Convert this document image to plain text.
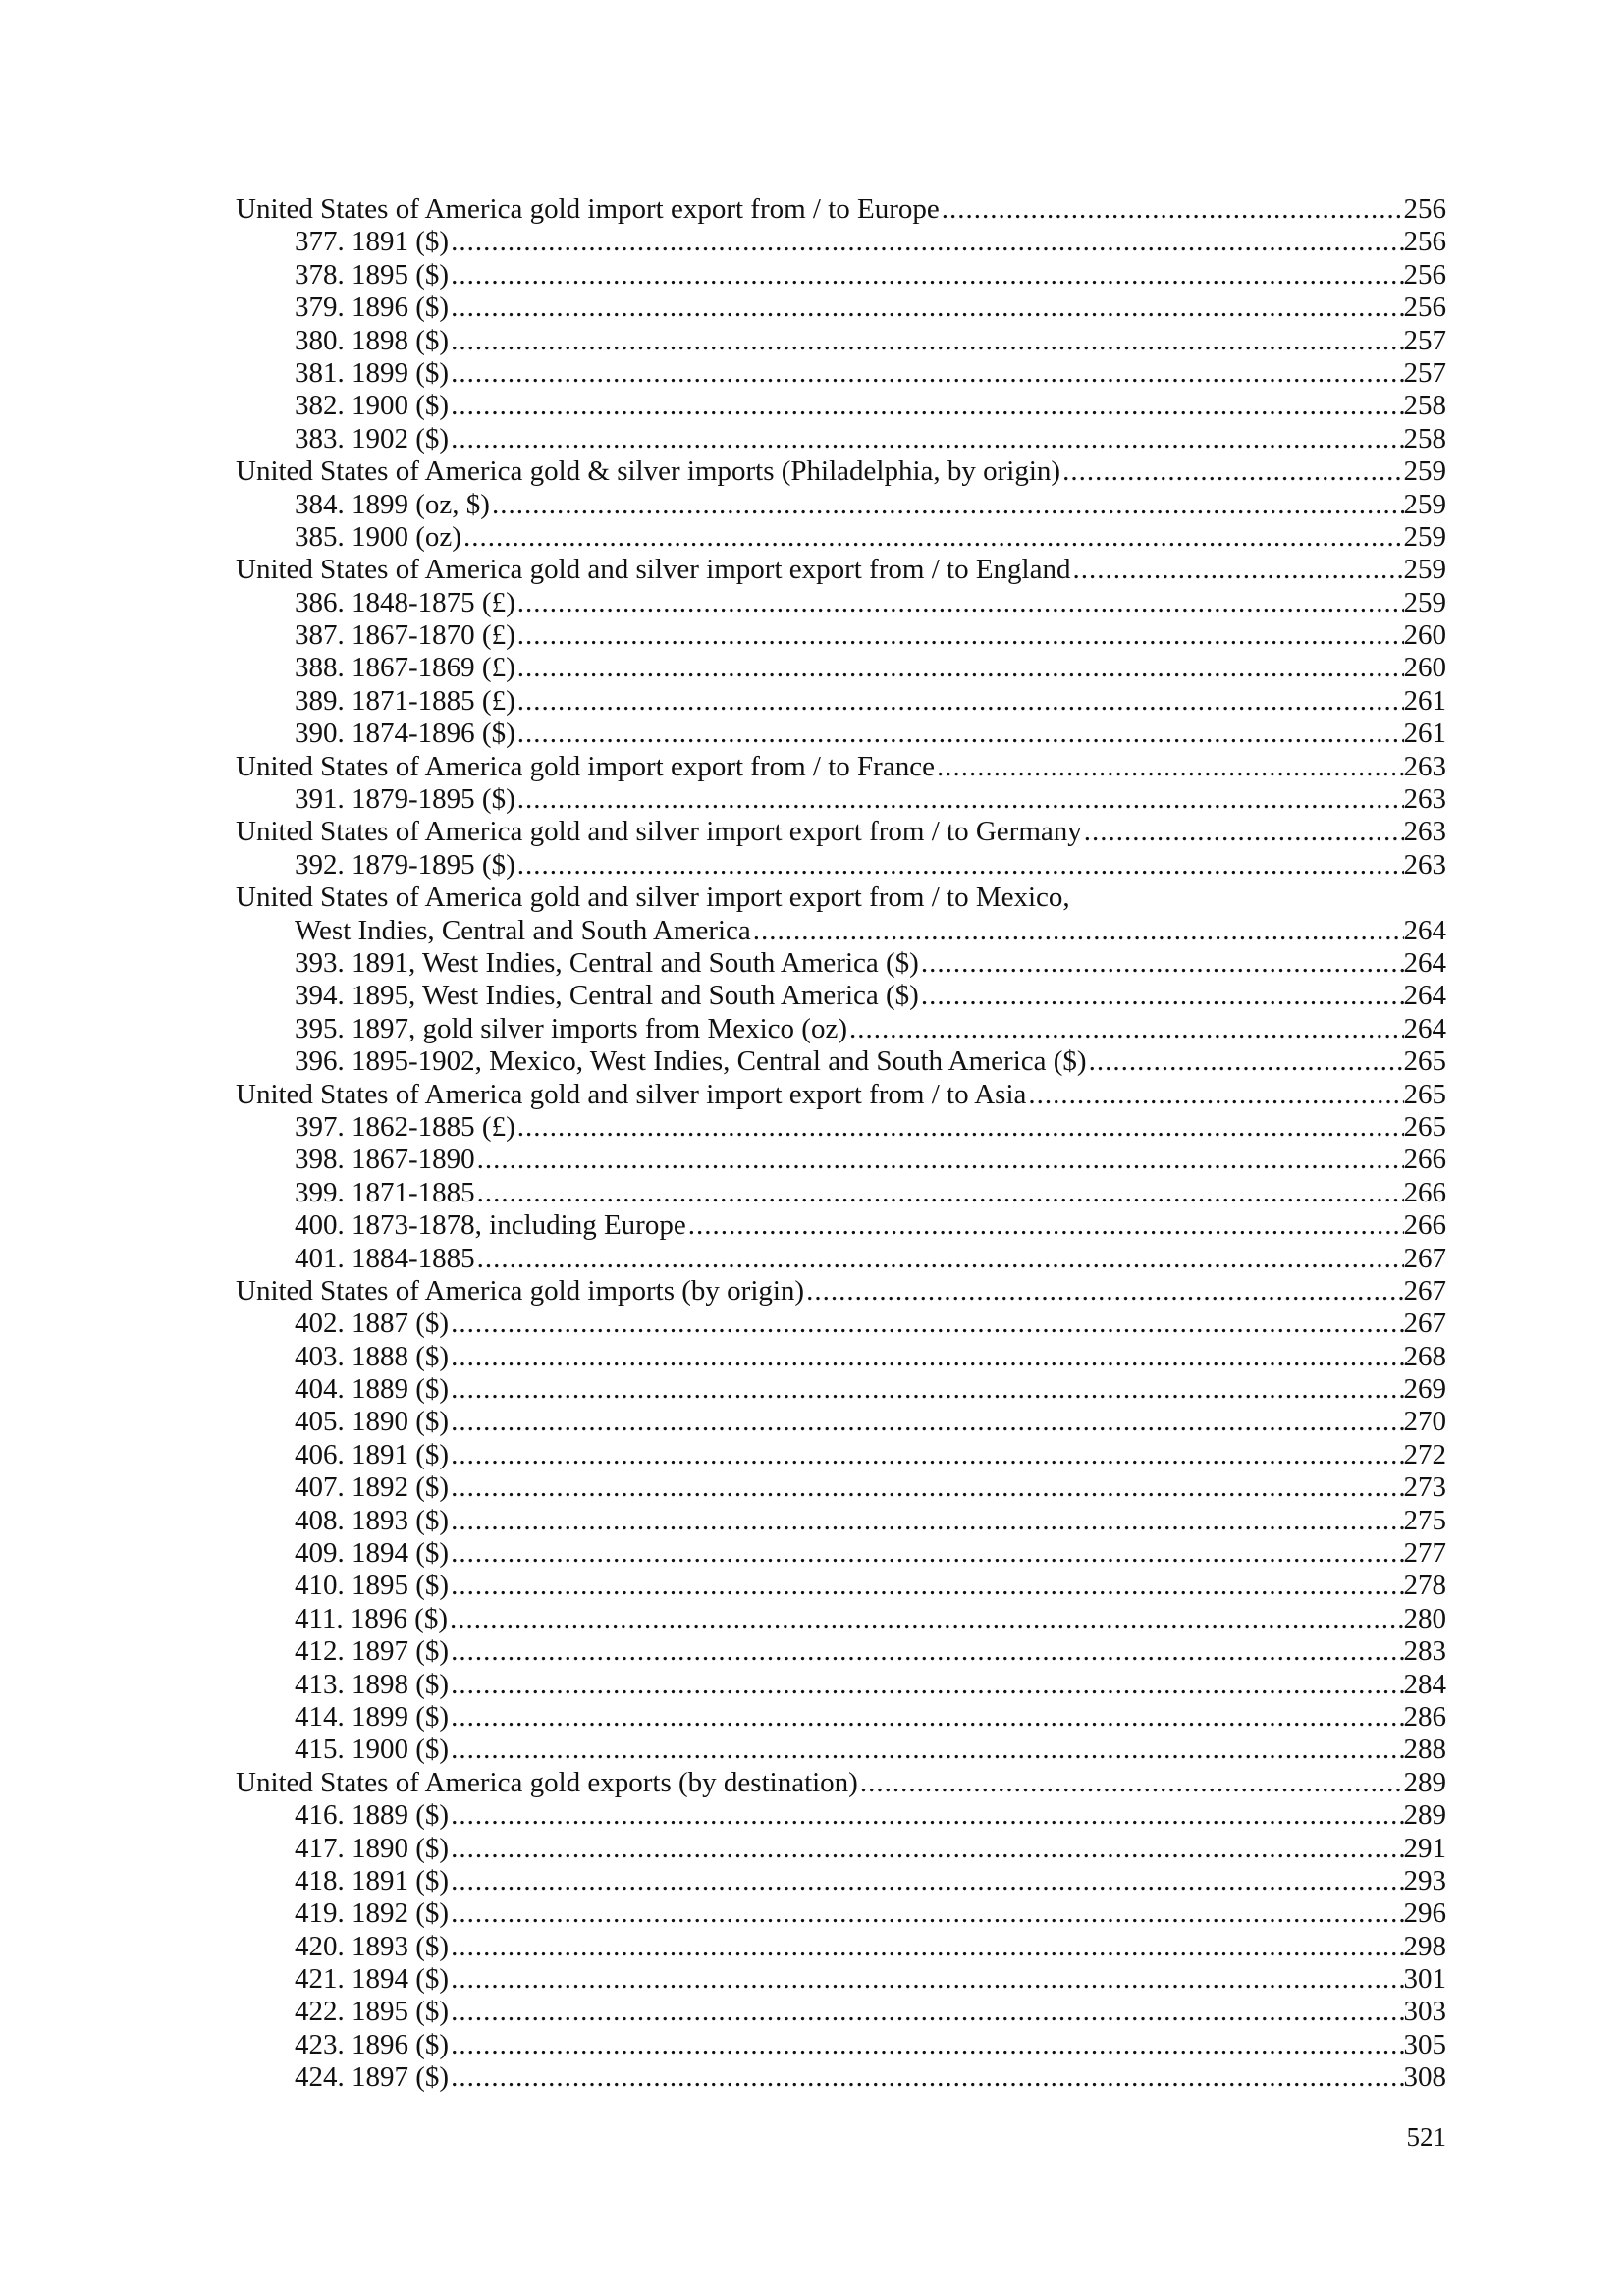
United States of America gold import export from / to Europe .....	256
377. 1891 ($) .....	256
378. 1895 ($) .....	256
379. 1896 ($) .....	256
380. 1898 ($) .....	257
381. 1899 ($) .....	257
382. 1900 ($) .....	258
383. 1902 ($) .....	258
United States of America gold & silver imports (Philadelphia, by origin) .....	259
384. 1899 (oz, $) .....	259
385. 1900 (oz) .....	259
United States of America gold and silver import export from / to England .....	259
386. 1848-1875 (£) .....	259
387. 1867-1870 (£) .....	260
388. 1867-1869 (£) .....	260
389. 1871-1885 (£) .....	261
390. 1874-1896 ($) .....	261
United States of America gold import export from / to France .....	263
391. 1879-1895 ($) .....	263
United States of America gold and silver import export from / to Germany .....	263
392. 1879-1895 ($) .....	263
United States of America gold and silver import export from / to Mexico,
West Indies, Central and South America .....	264
393. 1891, West Indies, Central and South America ($) .....	264
394. 1895, West Indies, Central and South America ($) .....	264
395. 1897, gold silver imports from Mexico (oz) .....	264
396. 1895-1902, Mexico, West Indies, Central and South America ($) .....	265
United States of America gold and silver import export from / to Asia .....	265
397. 1862-1885 (£) .....	265
398. 1867-1890 .....	266
399. 1871-1885 .....	266
400. 1873-1878, including Europe .....	266
401. 1884-1885 .....	267
United States of America gold imports (by origin) .....	267
402. 1887 ($) .....	267
403. 1888 ($) .....	268
404. 1889 ($) .....	269
405. 1890 ($) .....	270
406. 1891 ($) .....	272
407. 1892 ($) .....	273
408. 1893 ($) .....	275
409. 1894 ($) .....	277
410. 1895 ($) .....	278
411. 1896 ($) .....	280
412. 1897 ($) .....	283
413. 1898 ($) .....	284
414. 1899 ($) .....	286
415. 1900 ($) .....	288
United States of America gold exports (by destination) .....	289
416. 1889 ($) .....	289
417. 1890 ($) .....	291
418. 1891 ($) .....	293
419. 1892 ($) .....	296
420. 1893 ($) .....	298
421. 1894 ($) .....	301
422. 1895 ($) .....	303
423. 1896 ($) .....	305
424. 1897 ($) .....	308
521
